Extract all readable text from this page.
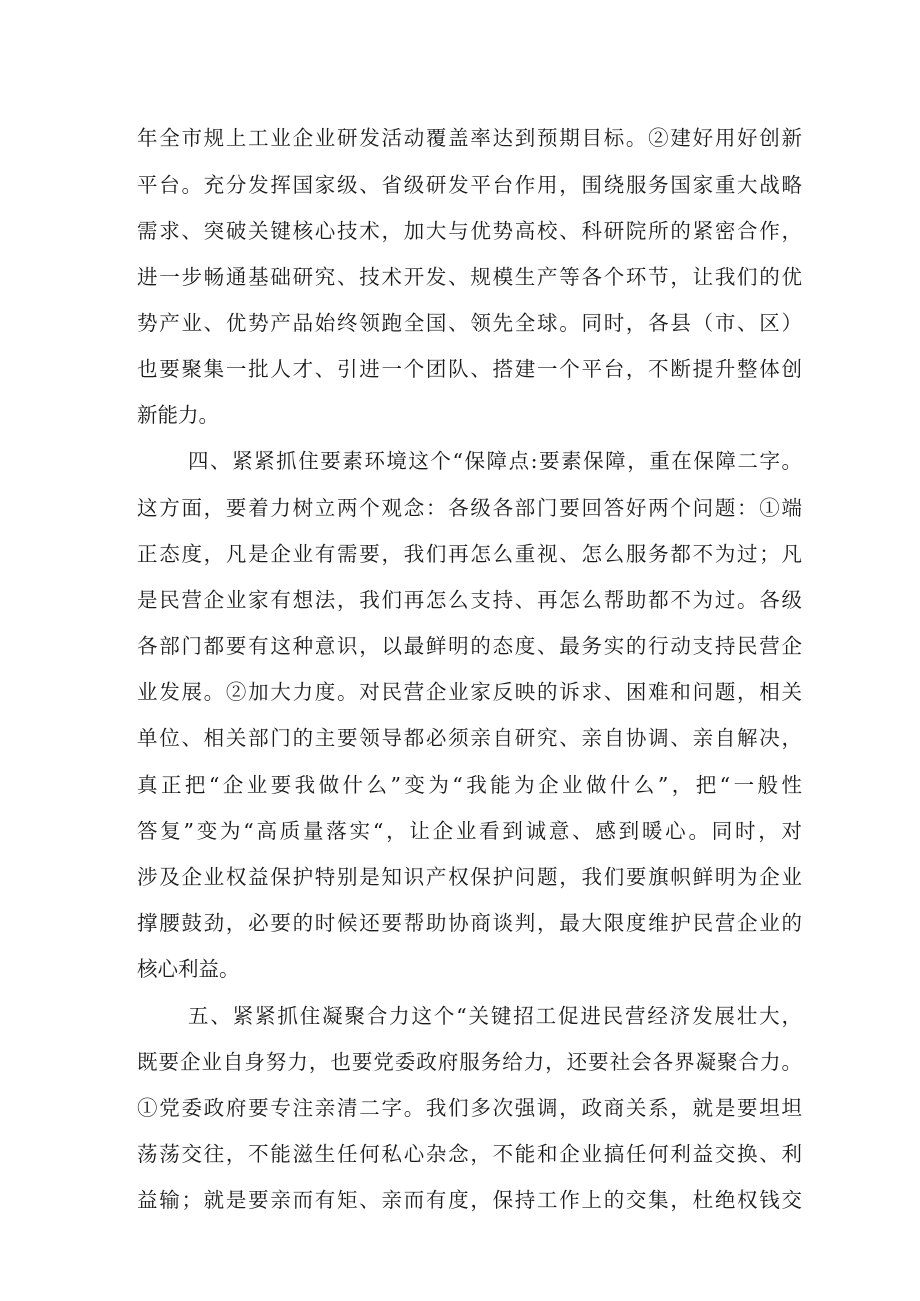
年全市规上工业企业研发活动覆盖率达到预期目标。②建好用好创新
平台。充分发挥国家级、省级研发平台作用，围绕服务国家重大战略
需求、突破关键核心技术，加大与优势高校、科研院所的紧密合作，
进一步畅通基础研究、技术开发、规模生产等各个环节，让我们的优
势产业、优势产品始终领跑全国、领先全球。同时，各县（市、区）
也要聚集一批人才、引进一个团队、搭建一个平台，不断提升整体创
新能力。
四、紧紧抓住要素环境这个“保障点:要素保障，重在保障二字。
这方面，要着力树立两个观念：各级各部门要回答好两个问题：①端
正态度，凡是企业有需要，我们再怎么重视、怎么服务都不为过；凡
是民营企业家有想法，我们再怎么支持、再怎么帮助都不为过。各级
各部门都要有这种意识，以最鲜明的态度、最务实的行动支持民营企
业发展。②加大力度。对民营企业家反映的诉求、困难和问题，相关
单位、相关部门的主要领导都必须亲自研究、亲自协调、亲自解决，
真正把“企业要我做什么”变为“我能为企业做什么”，把“一般性
答复”变为“高质量落实“，让企业看到诚意、感到暖心。同时，对
涉及企业权益保护特别是知识产权保护问题，我们要旗帜鲜明为企业
撑腰鼓劲，必要的时候还要帮助协商谈判，最大限度维护民营企业的
核心利益。
五、紧紧抓住凝聚合力这个“关键招工促进民营经济发展壮大，
既要企业自身努力，也要党委政府服务给力，还要社会各界凝聚合力。
①党委政府要专注亲清二字。我们多次强调，政商关系，就是要坦坦
荡荡交往，不能滋生任何私心杂念，不能和企业搞任何利益交换、利
益输；就是要亲而有矩、亲而有度，保持工作上的交集，杜绝权钱交
